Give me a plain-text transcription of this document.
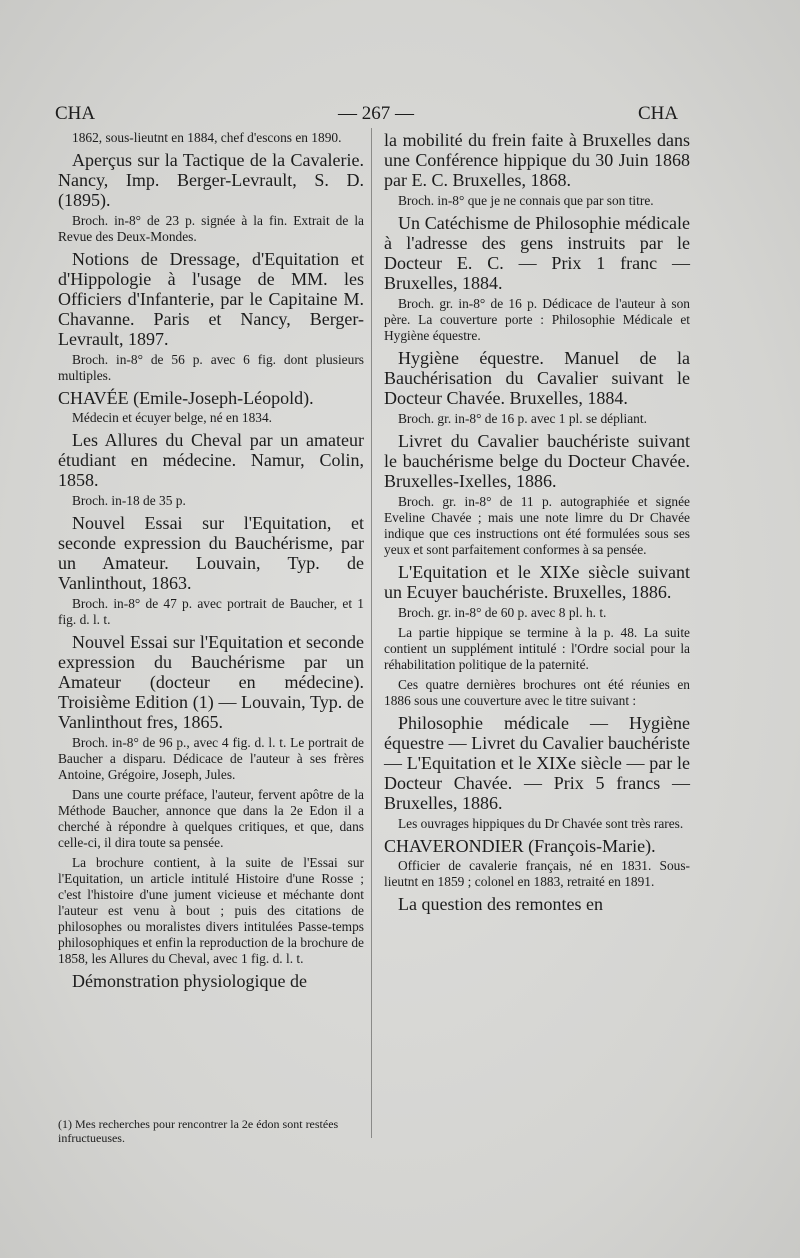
CHA	— 267 —	CHA

1862, sous-lieutnt en 1884, chef d'escons en 1890.

Aperçus sur la Tactique de la Cavalerie. Nancy, Imp. Berger-Levrault, S. D. (1895).

Broch. in-8° de 23 p. signée à la fin. Extrait de la Revue des Deux-Mondes.

Notions de Dressage, d'Equitation et d'Hippologie à l'usage de MM. les Officiers d'Infanterie, par le Capitaine M. Chavanne. Paris et Nancy, Berger-Levrault, 1897.

Broch. in-8° de 56 p. avec 6 fig. dont plusieurs multiples.

CHAVÉE (Emile-Joseph-Léopold).

Médecin et écuyer belge, né en 1834.

Les Allures du Cheval par un amateur étudiant en médecine. Namur, Colin, 1858.

Broch. in-18 de 35 p.

Nouvel Essai sur l'Equitation, et seconde expression du Bauchérisme, par un Amateur. Louvain, Typ. de Vanlinthout, 1863.

Broch. in-8° de 47 p. avec portrait de Baucher, et 1 fig. d. l. t.

Nouvel Essai sur l'Equitation et seconde expression du Bauchérisme par un Amateur (docteur en médecine). Troisième Edition (1) — Louvain, Typ. de Vanlinthout fres, 1865.

Broch. in-8° de 96 p., avec 4 fig. d. l. t. Le portrait de Baucher a disparu. Dédicace de l'auteur à ses frères Antoine, Grégoire, Joseph, Jules.

Dans une courte préface, l'auteur, fervent apôtre de la Méthode Baucher, annonce que dans la 2e Edon il a cherché à répondre à quelques critiques, et que, dans celle-ci, il dira toute sa pensée.

La brochure contient, à la suite de l'Essai sur l'Equitation, un article intitulé Histoire d'une Rosse ; c'est l'histoire d'une jument vicieuse et méchante dont l'auteur est venu à bout ; puis des citations de philosophes ou moralistes divers intitulées Passe-temps philosophiques et enfin la reproduction de la brochure de 1858, les Allures du Cheval, avec 1 fig. d. l. t.

Démonstration physiologique de

la mobilité du frein faite à Bruxelles dans une Conférence hippique du 30 Juin 1868 par E. C. Bruxelles, 1868.

Broch. in-8° que je ne connais que par son titre.

Un Catéchisme de Philosophie médicale à l'adresse des gens instruits par le Docteur E. C. — Prix 1 franc — Bruxelles, 1884.

Broch. gr. in-8° de 16 p. Dédicace de l'auteur à son père. La couverture porte : Philosophie Médicale et Hygiène équestre.

Hygiène équestre. Manuel de la Bauchérisation du Cavalier suivant le Docteur Chavée. Bruxelles, 1884.

Broch. gr. in-8° de 16 p. avec 1 pl. se dépliant.

Livret du Cavalier bauchériste suivant le bauchérisme belge du Docteur Chavée. Bruxelles-Ixelles, 1886.

Broch. gr. in-8° de 11 p. autographiée et signée Eveline Chavée ; mais une note limre du Dr Chavée indique que ces instructions ont été formulées sous ses yeux et sont parfaitement conformes à sa pensée.

L'Equitation et le XIXe siècle suivant un Ecuyer bauchériste. Bruxelles, 1886.

Broch. gr. in-8° de 60 p. avec 8 pl. h. t.

La partie hippique se termine à la p. 48. La suite contient un supplément intitulé : l'Ordre social pour la réhabilitation politique de la paternité.

Ces quatre dernières brochures ont été réunies en 1886 sous une couverture avec le titre suivant :

Philosophie médicale — Hygiène équestre — Livret du Cavalier bauchériste — L'Equitation et le XIXe siècle — par le Docteur Chavée. — Prix 5 francs — Bruxelles, 1886.

Les ouvrages hippiques du Dr Chavée sont très rares.

CHAVERONDIER (François-Marie).

Officier de cavalerie français, né en 1831. Sous-lieutnt en 1859 ; colonel en 1883, retraité en 1891.

La question des remontes en

(1) Mes recherches pour rencontrer la 2e édon sont restées infructueuses.
